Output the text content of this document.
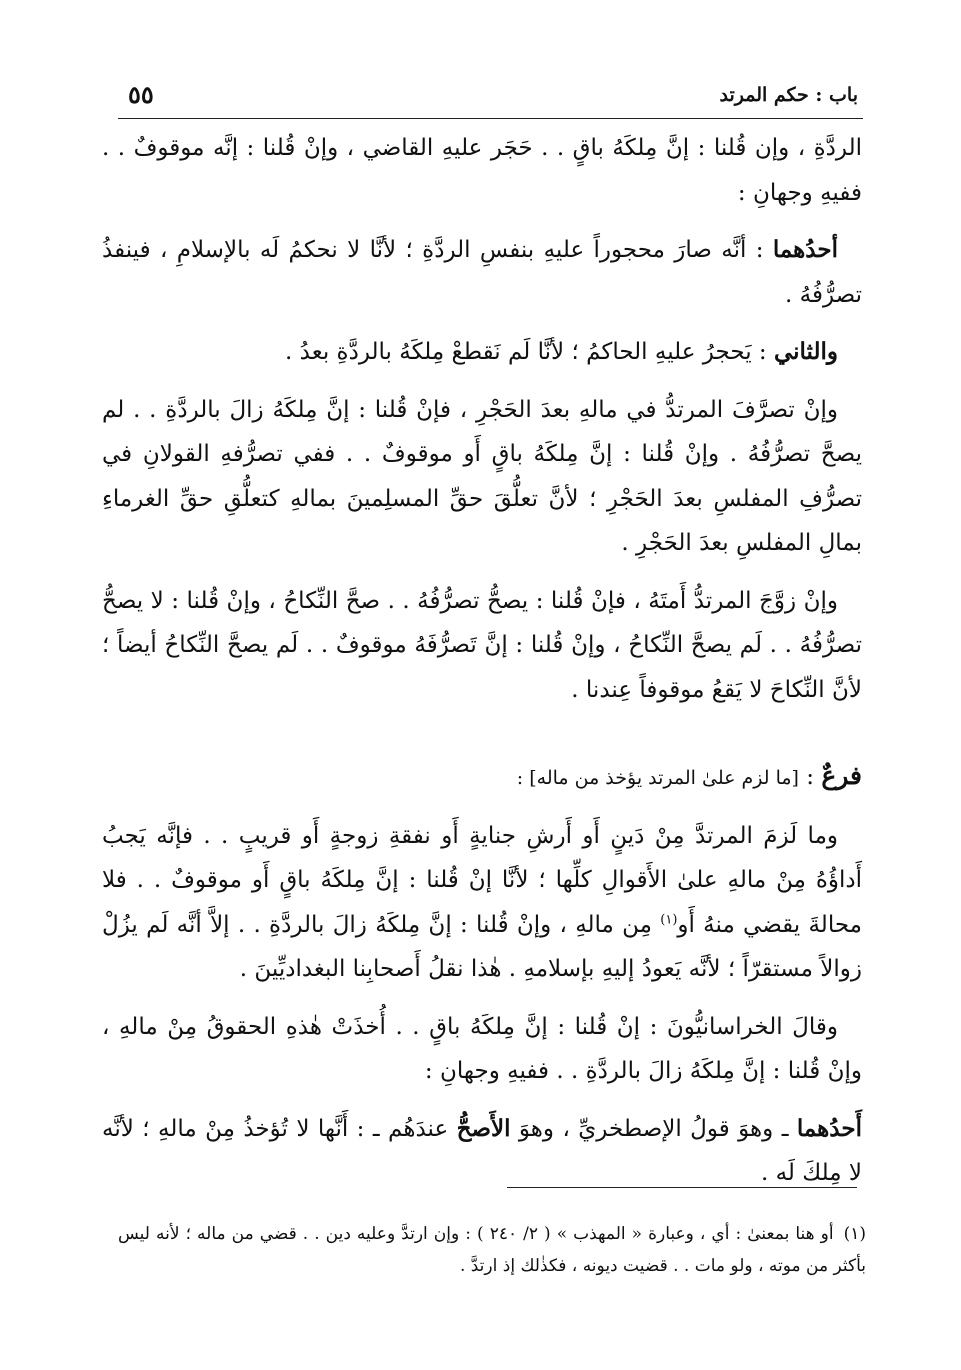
باب : حكم المرتد
٥٥

الردَّةِ ، وإن قُلنا : إنَّ مِلكَهُ باقٍ . . حَجَر عليهِ القاضي ، وإنْ قُلنا : إنَّه موقوفٌ . . ففيهِ وجهانِ :

أحدُهما : أنَّه صارَ محجوراً عليهِ بنفسِ الردَّةِ ؛ لأنَّا لا نحكمُ لَه بالإسلامِ ، فينفذُ تصرُّفُهُ .

والثاني : يَحجرُ عليهِ الحاكمُ ؛ لأنَّا لَم نَقطعْ مِلكَهُ بالردَّةِ بعدُ .

وإنْ تصرَّفَ المرتدُّ في مالهِ بعدَ الحَجْرِ ، فإنْ قُلنا : إنَّ مِلكَهُ زالَ بالردَّةِ . . لم يصحَّ تصرُّفُهُ . وإنْ قُلنا : إنَّ مِلكَهُ باقٍ أَو موقوفٌ . . ففي تصرُّفهِ القولانِ في تصرُّفِ المفلسِ بعدَ الحَجْرِ ؛ لأنَّ تعلُّقَ حقِّ المسلِمينَ بمالهِ كتعلُّقِ حقِّ الغرماءِ بمالِ المفلسِ بعدَ الحَجْرِ .

وإنْ زوَّجَ المرتدُّ أَمتَهُ ، فإنْ قُلنا : يصحُّ تصرُّفُهُ . . صحَّ النِّكاحُ ، وإنْ قُلنا : لا يصحُّ تصرُّفُهُ . . لَم يصحَّ النِّكاحُ ، وإنْ قُلنا : إنَّ تَصرُّفَهُ موقوفٌ . . لَم يصحَّ النِّكاحُ أيضاً ؛ لأنَّ النِّكاحَ لا يَقعُ موقوفاً عِندنا .

فرعٌ : [ما لزم علىٰ المرتد يؤخذ من ماله] :

وما لَزمَ المرتدَّ مِنْ دَينٍ أَو أَرشِ جنايةٍ أَو نفقةِ زوجةٍ أَو قريبٍ . . فإنَّه يَجبُ أَداؤُهُ مِنْ مالهِ علىٰ الأَقوالِ كلِّها ؛ لأنَّا إنْ قُلنا : إنَّ مِلكَهُ باقٍ أَو موقوفٌ . . فلا محالةَ يقضي منهُ أَو$^{(١)}$ مِن مالهِ ، وإنْ قُلنا : إنَّ مِلكَهُ زالَ بالردَّةِ . . إلاَّ أنَّه لَم يزُلْ زوالاً مستقرّاً ؛ لأنَّه يَعودُ إليهِ بإسلامهِ . هٰذا نقلُ أَصحابِنا البغداديِّينَ .

وقالَ الخراسانيُّونَ : إنْ قُلنا : إنَّ مِلكَهُ باقٍ . . أُخذَتْ هٰذهِ الحقوقُ مِنْ مالهِ ، وإنْ قُلنا : إنَّ مِلكَهُ زالَ بالردَّةِ . . ففيهِ وجهانِ :

أَحدُهما ـ وهوَ قولُ الإصطخريِّ ، وهوَ الأَصحُّ عندَهُم ـ : أَنَّها لا تُؤخذُ مِنْ مالهِ ؛ لأنَّه لا مِلكَ لَه .

(١)أو هنا بمعنىٰ : أي ، وعبارة « المهذب » ( ٢/ ٢٤٠ ) : وإن ارتدَّ وعليه دين . . قضي من ماله ؛ لأنه ليس بأكثر من موته ، ولو مات . . قضيت ديونه ، فكذٰلك إذ ارتدَّ .
